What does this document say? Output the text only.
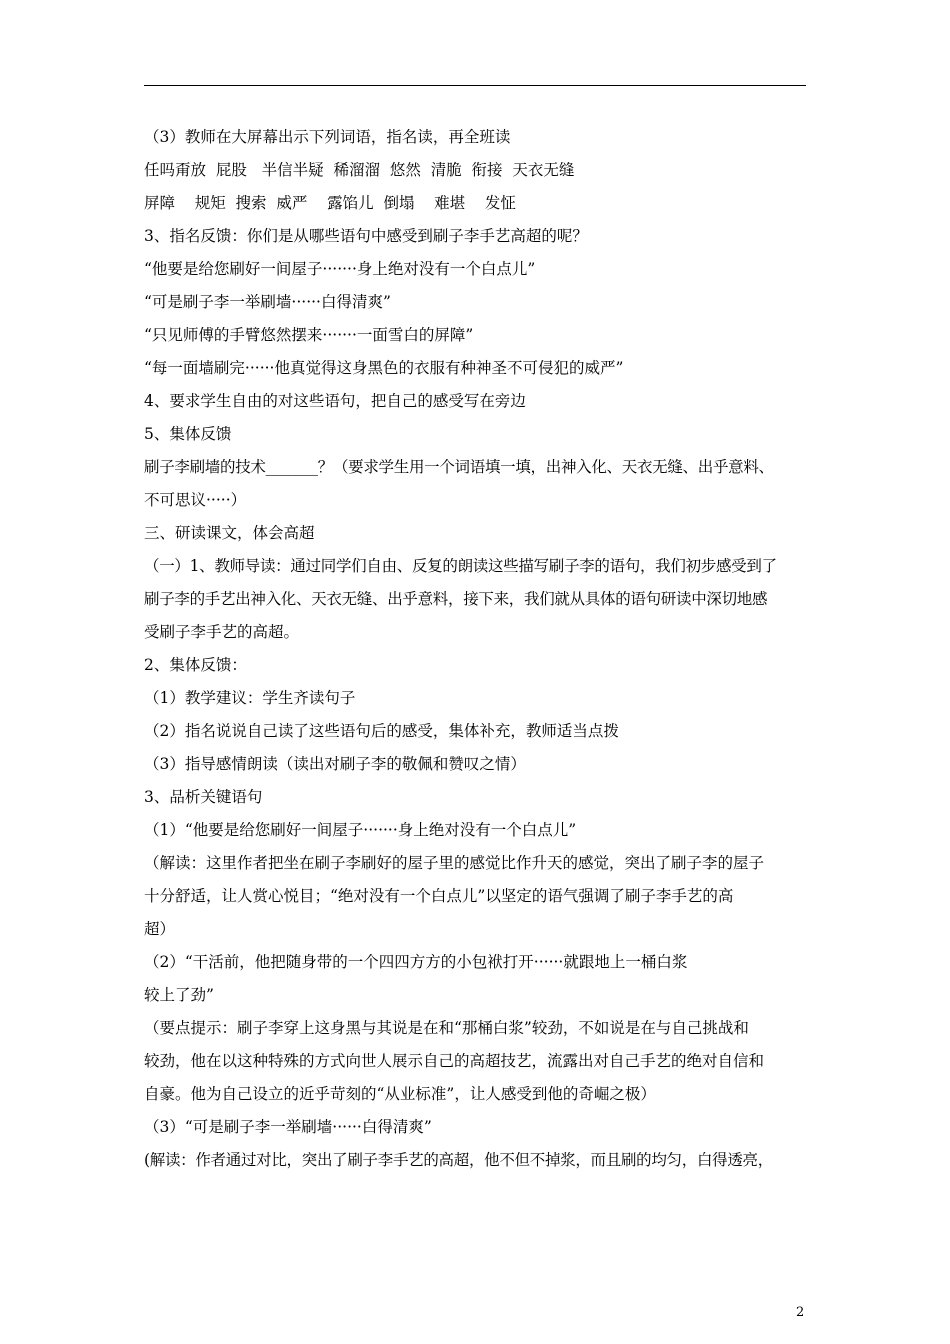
（3）教师在大屏幕出示下列词语，指名读，再全班读
任吗甭放  屁股   半信半疑  稀溜溜  悠然  清脆  衔接  天衣无缝
屏障    规矩  搜索  威严    露馅儿  倒塌    难堪    发怔
3、指名反馈：你们是从哪些语句中感受到刷子李手艺高超的呢？
“他要是给您刷好一间屋子·······身上绝对没有一个白点儿”
“可是刷子李一举刷墙······白得清爽”
“只见师傅的手臂悠然摆来·······一面雪白的屏障”
“每一面墙刷完······他真觉得这身黑色的衣服有种神圣不可侵犯的威严”
4、要求学生自由的对这些语句，把自己的感受写在旁边
5、集体反馈
刷子李刷墙的技术_______？（要求学生用一个词语填一填，出神入化、天衣无缝、出乎意料、
不可思议·····）
三、研读课文，体会高超
（一）1、教师导读：通过同学们自由、反复的朗读这些描写刷子李的语句，我们初步感受到了
刷子李的手艺出神入化、天衣无缝、出乎意料，接下来，我们就从具体的语句研读中深切地感
受刷子李手艺的高超。
2、集体反馈：
（1）教学建议：学生齐读句子
（2）指名说说自己读了这些语句后的感受，集体补充，教师适当点拨
（3）指导感情朗读（读出对刷子李的敬佩和赞叹之情）
3、品析关键语句
（1）“他要是给您刷好一间屋子·······身上绝对没有一个白点儿”
（解读：这里作者把坐在刷子李刷好的屋子里的感觉比作升天的感觉，突出了刷子李的屋子
十分舒适，让人赏心悦目；“绝对没有一个白点儿”以坚定的语气强调了刷子李手艺的高
超）
（2）“干活前，他把随身带的一个四四方方的小包袱打开······就跟地上一桶白浆
较上了劲”
（要点提示：刷子李穿上这身黑与其说是在和“那桶白浆”较劲，不如说是在与自己挑战和
较劲，他在以这种特殊的方式向世人展示自己的高超技艺，流露出对自己手艺的绝对自信和
自豪。他为自己设立的近乎苛刻的“从业标准”，让人感受到他的奇崛之极）
（3）“可是刷子李一举刷墙······白得清爽”
(解读：作者通过对比，突出了刷子李手艺的高超，他不但不掉浆，而且刷的均匀，白得透亮，
2
